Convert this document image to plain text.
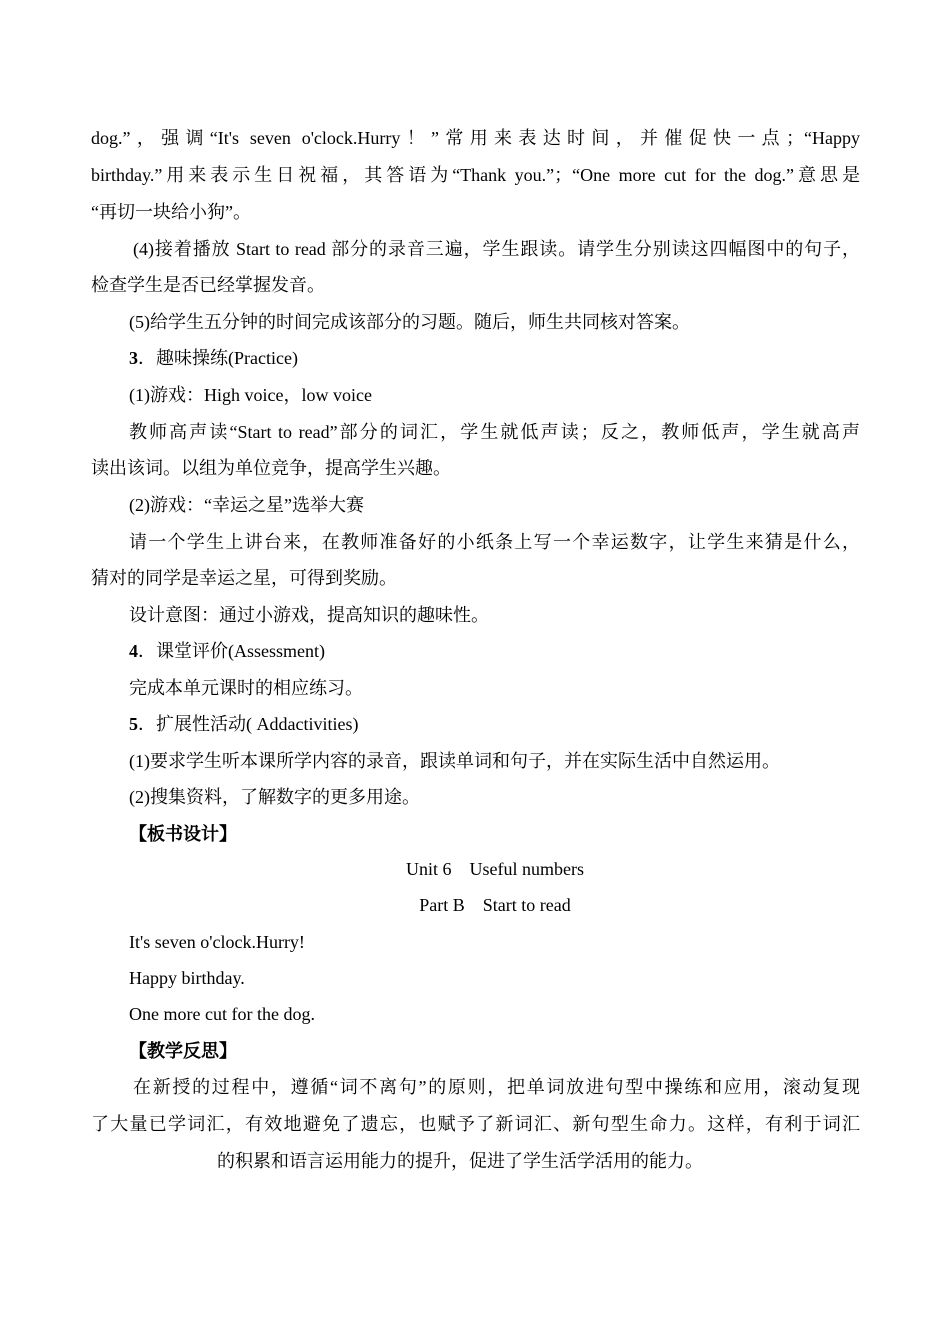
dog.”，强调“It's seven o'clock.Hurry！”常用来表达时间，并催促快一点；“Happy
birthday.”用来表示生日祝福，其答语为“Thank you.”；“One more cut for the dog.”意思是
“再切一块给小狗”。
(4)接着播放 Start to read 部分的录音三遍，学生跟读。请学生分别读这四幅图中的句子，
检查学生是否已经掌握发音。
(5)给学生五分钟的时间完成该部分的习题。随后，师生共同核对答案。
3．趣味操练(Practice)
(1)游戏：High voice，low voice
教师高声读“Start to read”部分的词汇，学生就低声读；反之，教师低声，学生就高声
读出该词。以组为单位竞争，提高学生兴趣。
(2)游戏：“幸运之星”选举大赛
请一个学生上讲台来，在教师准备好的小纸条上写一个幸运数字，让学生来猜是什么，
猜对的同学是幸运之星，可得到奖励。
设计意图：通过小游戏，提高知识的趣味性。
4．课堂评价(Assessment)
完成本单元课时的相应练习。
5．扩展性活动( Addactivities)
(1)要求学生听本课所学内容的录音，跟读单词和句子，并在实际生活中自然运用。
(2)搜集资料，了解数字的更多用途。
【板书设计】
Unit 6　Useful numbers
Part B　Start to read
It's seven o'clock.Hurry!
Happy birthday.
One more cut for the dog.
【教学反思】
在新授的过程中，遵循“词不离句”的原则，把单词放进句型中操练和应用，滚动复现
了大量已学词汇，有效地避免了遗忘，也赋予了新词汇、新句型生命力。这样，有利于词汇
的积累和语言运用能力的提升，促进了学生活学活用的能力。
